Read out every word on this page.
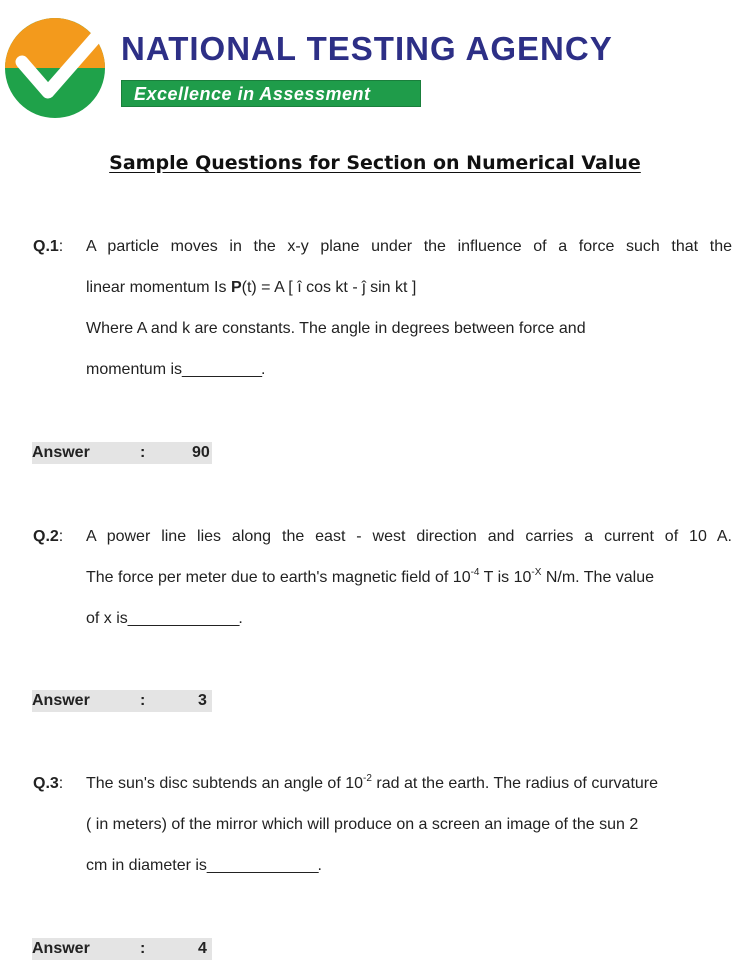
NATIONAL TESTING AGENCY
Excellence in Assessment
Sample Questions for Section on Numerical Value
Q.1: A particle moves in the x-y plane under the influence of a force such that the
linear momentum Is P(t) = A [ î cos kt - ĵ sin kt ]
Where A and k are constants. The angle in degrees between force and
momentum is__________.
Answer	:	90
Q.2: A power line lies along the east - west direction and carries a current of 10 A.
The force per meter due to earth's magnetic field of $10^{-4}$ T is $10^{-X}$ N/m. The value
of x is______________.
Answer	:	3
Q.3: The sun's disc subtends an angle of $10^{-2}$ rad at the earth. The radius of curvature
( in meters) of the mirror which will produce on a screen an image of the sun 2
cm in diameter is______________.
Answer	:	4
